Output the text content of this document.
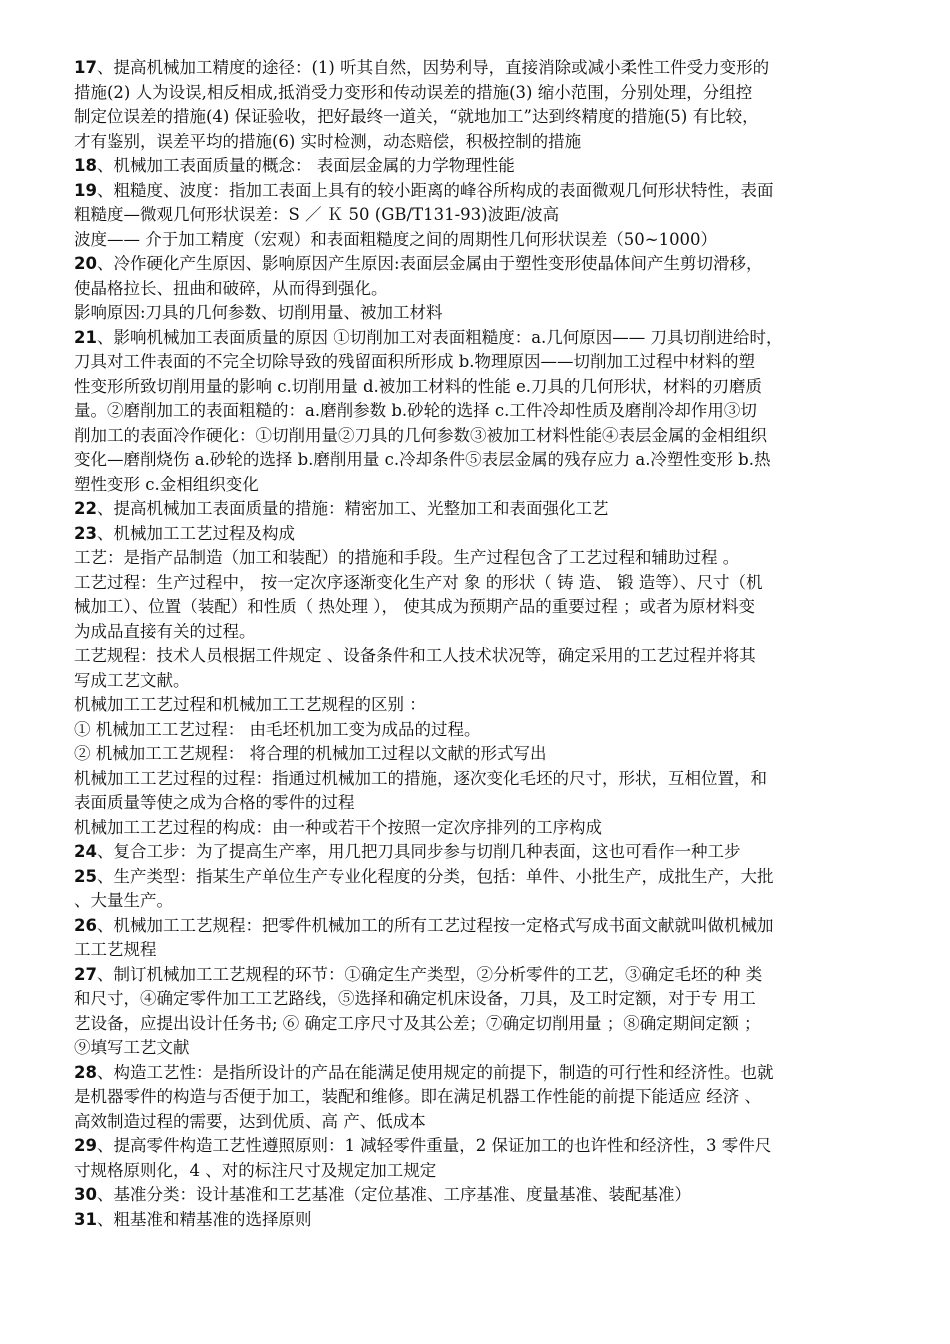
17、提高机械加工精度的途径：(1) 听其自然，因势利导，直接消除或减小柔性工件受力变形的
措施(2) 人为设误,相反相成,抵消受力变形和传动误差的措施(3) 缩小范围，分别处理，分组控
制定位误差的措施(4) 保证验收，把好最终一道关，“就地加工”达到终精度的措施(5) 有比较，
才有鉴别，误差平均的措施(6) 实时检测，动态赔偿，积极控制的措施
18、机械加工表面质量的概念： 表面层金属的力学物理性能
19、粗糙度、波度：指加工表面上具有的较小距离的峰谷所构成的表面微观几何形状特性，表面
粗糙度—微观几何形状误差：S ／ Ｋ 50 (GB/T131-93)波距/波高
波度—— 介于加工精度（宏观）和表面粗糙度之间的周期性几何形状误差（50~1000）
20、冷作硬化产生原因、影响原因产生原因:表面层金属由于塑性变形使晶体间产生剪切滑移，
使晶格拉长、扭曲和破碎，从而得到强化。
影响原因:刀具的几何参数、切削用量、被加工材料
21、影响机械加工表面质量的原因 ①切削加工对表面粗糙度：a.几何原因—— 刀具切削进给时，
刀具对工件表面的不完全切除导致的残留面积所形成 b.物理原因——切削加工过程中材料的塑
性变形所致切削用量的影响 c.切削用量 d.被加工材料的性能 e.刀具的几何形状，材料的刃磨质
量。②磨削加工的表面粗糙的：a.磨削参数 b.砂轮的选择 c.工件冷却性质及磨削冷却作用③切
削加工的表面冷作硬化：①切削用量②刀具的几何参数③被加工材料性能④表层金属的金相组织
变化—磨削烧伤 a.砂轮的选择 b.磨削用量 c.冷却条件⑤表层金属的残存应力 a.冷塑性变形 b.热
塑性变形 c.金相组织变化
22、提高机械加工表面质量的措施：精密加工、光整加工和表面强化工艺
23、机械加工工艺过程及构成
工艺：是指产品制造（加工和装配）的措施和手段。生产过程包含了工艺过程和辅助过程 。
工艺过程：生产过程中， 按一定次序逐渐变化生产对 象 的形状（ 铸 造、 锻 造等）、尺寸（机
械加工）、位置（装配）和性质（ 热处理 ）， 使其成为预期产品的重要过程 ；或者为原材料变
为成品直接有关的过程。
工艺规程：技术人员根据工件规定 、设备条件和工人技术状况等，确定采用的工艺过程并将其
写成工艺文献。
机械加工工艺过程和机械加工工艺规程的区别 ：
① 机械加工工艺过程： 由毛坯机加工变为成品的过程。
② 机械加工工艺规程： 将合理的机械加工过程以文献的形式写出
机械加工工艺过程的过程：指通过机械加工的措施，逐次变化毛坯的尺寸，形状，互相位置，和
表面质量等使之成为合格的零件的过程
机械加工工艺过程的构成：由一种或若干个按照一定次序排列的工序构成
24、复合工步：为了提高生产率，用几把刀具同步参与切削几种表面，这也可看作一种工步
25、生产类型：指某生产单位生产专业化程度的分类，包括：单件、小批生产，成批生产，大批
、大量生产。
26、机械加工工艺规程：把零件机械加工的所有工艺过程按一定格式写成书面文献就叫做机械加
工工艺规程
27、制订机械加工工艺规程的环节：①确定生产类型，②分析零件的工艺，③确定毛坯的种 类
和尺寸，④确定零件加工工艺路线，⑤选择和确定机床设备，刀具，及工时定额，对于专 用工
艺设备，应提出设计任务书; ⑥ 确定工序尺寸及其公差；⑦确定切削用量 ；⑧确定期间定额 ；
⑨填写工艺文献
28、构造工艺性：是指所设计的产品在能满足使用规定的前提下，制造的可行性和经济性。也就
是机器零件的构造与否便于加工，装配和维修。即在满足机器工作性能的前提下能适应 经济 、
高效制造过程的需要，达到优质、高 产、低成本
29、提高零件构造工艺性遵照原则：1 减轻零件重量，2 保证加工的也许性和经济性，3 零件尺
寸规格原则化，4 、对的标注尺寸及规定加工规定
30、基准分类：设计基准和工艺基准（定位基准、工序基准、度量基准、装配基准）
31、粗基准和精基准的选择原则
